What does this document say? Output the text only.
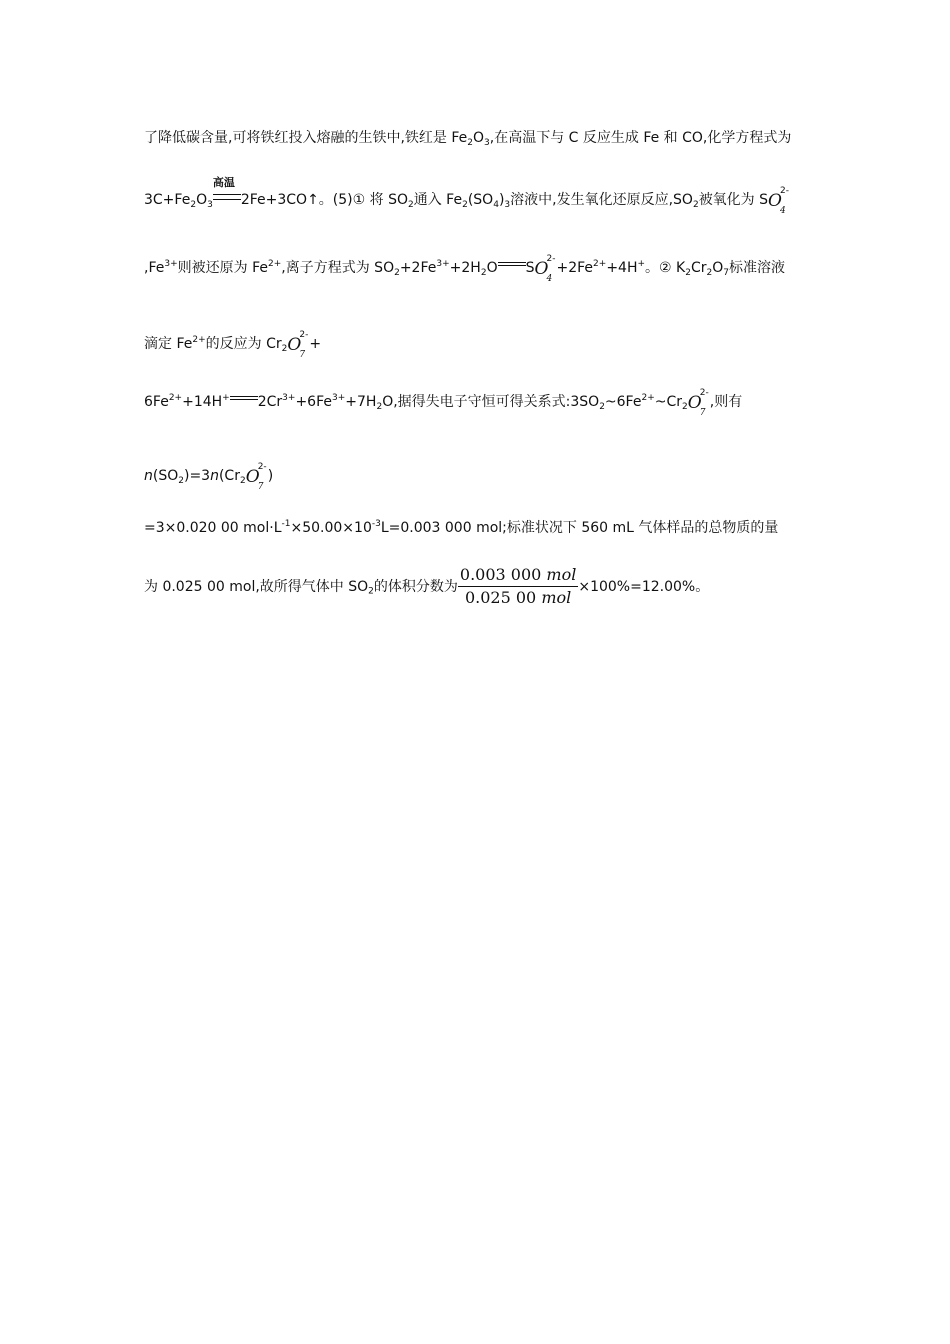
了降低碳含量,可将铁红投入熔融的生铁中,铁红是 $Fe_2O_3$,在高温下与 C 反应生成 Fe 和 CO,化学方程式为
$3C+Fe_2O_3$
高温
2Fe+3CO↑。(5)① 将 $SO_2$通入 $Fe_2(SO_4)_3$溶液中,发生氧化还原反应$,SO_2$被氧化为 S O
2-
4
$,Fe^{3+}$则被还原为 $Fe^{2+}$,离子方程式为 $SO_2+2Fe^{3+}+2H_2O$ S O
2-
4
$+2Fe^{2+}+4H^+$。② $K_2Cr_2O_7$标准溶液
滴定 $Fe^{2+}$的反应为 $Cr_2$ O
2-
7
+
$6Fe^{2+}+14H^+$ $2Cr^{3+}+6Fe^{3+}+7H_2O$,据得失电子守恒可得关系式$:3SO_2\sim 6Fe^{2+}\sim Cr_2$ O
2-
7
,则有
$n(SO_2)=3n(Cr_2$ O
2-
7
)
=3×0.020 00 $mol\cdot L^{-1}\times 50.00\times 10^{-3}L=0.003$ 000 mol;标准状况下 560 mL 气体样品的总物质的量
为 0.025 00 mol,故所得气体中 $SO_2$的体积分数为 $\frac{\text{0.003 000 mol}}{\text{0.025 00 mol}} \times 100\%=12.00\%$。
